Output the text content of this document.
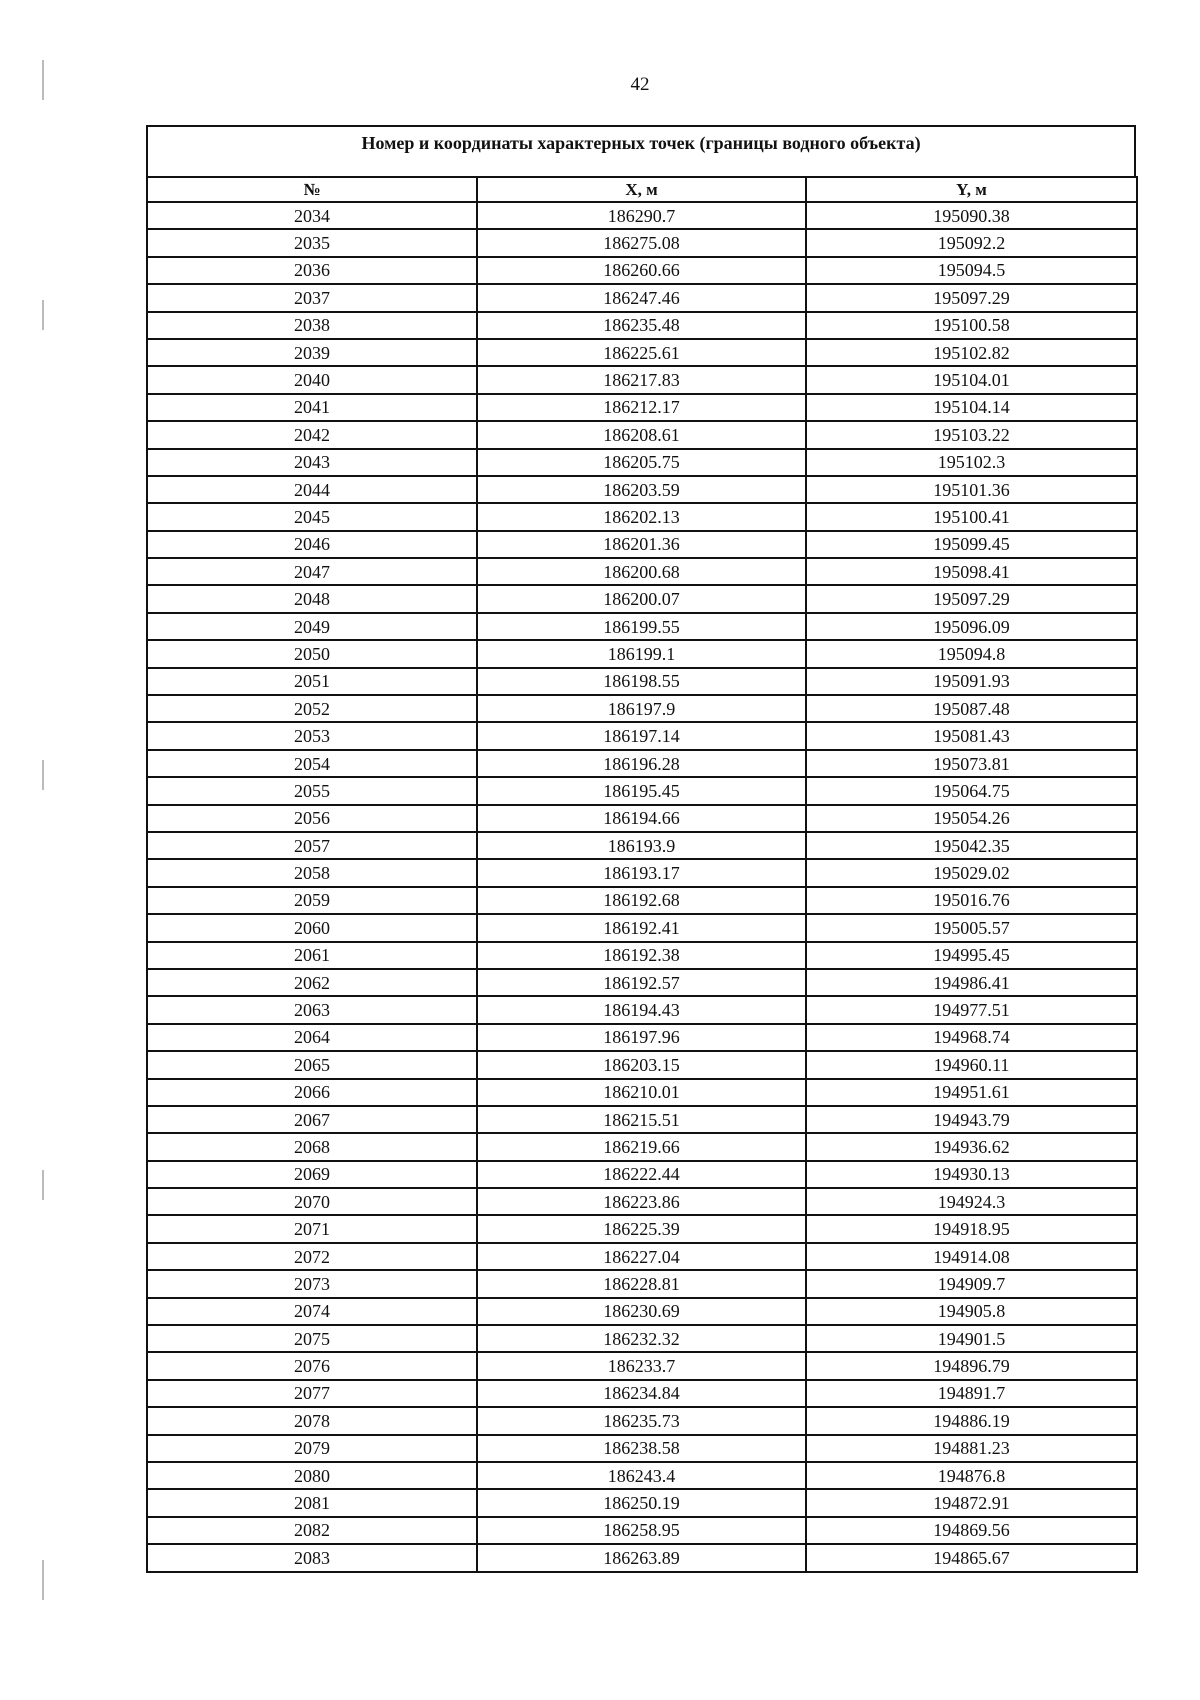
42
Номер и координаты характерных точек (границы водного объекта)
№	X, м	Y, м
2034	186290.7	195090.38
2035	186275.08	195092.2
2036	186260.66	195094.5
2037	186247.46	195097.29
2038	186235.48	195100.58
2039	186225.61	195102.82
2040	186217.83	195104.01
2041	186212.17	195104.14
2042	186208.61	195103.22
2043	186205.75	195102.3
2044	186203.59	195101.36
2045	186202.13	195100.41
2046	186201.36	195099.45
2047	186200.68	195098.41
2048	186200.07	195097.29
2049	186199.55	195096.09
2050	186199.1	195094.8
2051	186198.55	195091.93
2052	186197.9	195087.48
2053	186197.14	195081.43
2054	186196.28	195073.81
2055	186195.45	195064.75
2056	186194.66	195054.26
2057	186193.9	195042.35
2058	186193.17	195029.02
2059	186192.68	195016.76
2060	186192.41	195005.57
2061	186192.38	194995.45
2062	186192.57	194986.41
2063	186194.43	194977.51
2064	186197.96	194968.74
2065	186203.15	194960.11
2066	186210.01	194951.61
2067	186215.51	194943.79
2068	186219.66	194936.62
2069	186222.44	194930.13
2070	186223.86	194924.3
2071	186225.39	194918.95
2072	186227.04	194914.08
2073	186228.81	194909.7
2074	186230.69	194905.8
2075	186232.32	194901.5
2076	186233.7	194896.79
2077	186234.84	194891.7
2078	186235.73	194886.19
2079	186238.58	194881.23
2080	186243.4	194876.8
2081	186250.19	194872.91
2082	186258.95	194869.56
2083	186263.89	194865.67
